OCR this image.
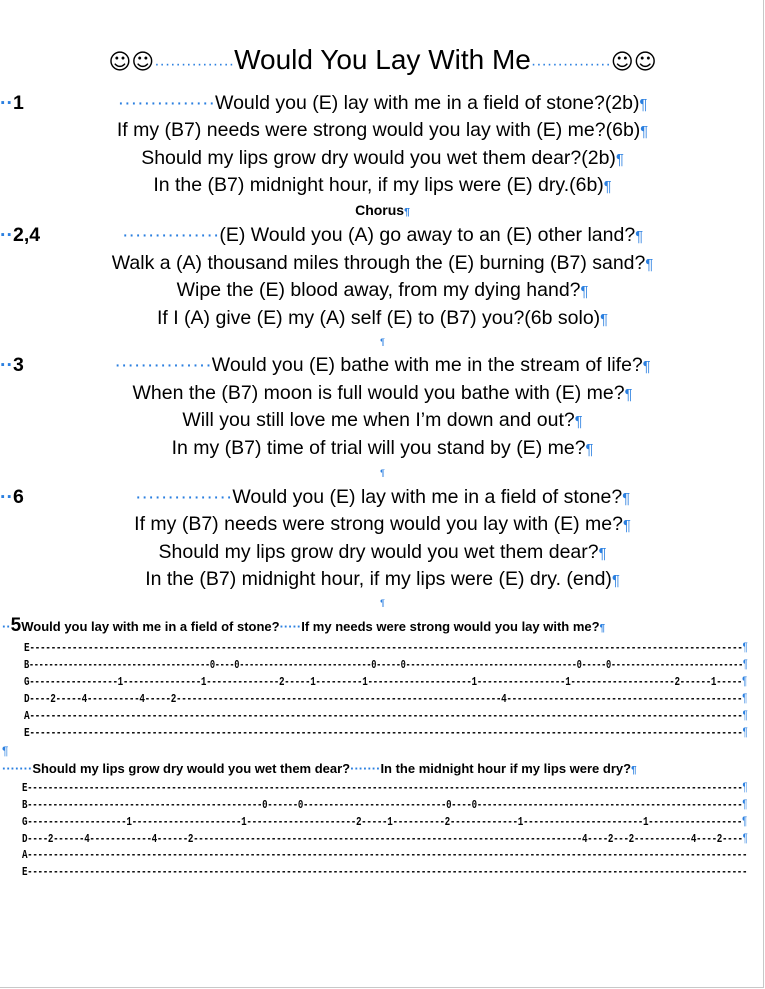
☺☺···············Would You Lay With Me···············☺☺
··1	···············Would you (E) lay with me in a field of stone?(2b)¶
If my (B7) needs were strong would you lay with (E) me?(6b)¶
Should my lips grow dry would you wet them dear?(2b)¶
In the (B7) midnight hour, if my lips were (E) dry.(6b)¶
Chorus¶
··2,4	···············(E) Would you (A) go away to an (E) other land?¶
Walk a (A) thousand miles through the (E) burning (B7) sand?¶
Wipe the (E) blood away, from my dying hand?¶
If I (A) give (E) my (A) self (E) to (B7) you?(6b solo)¶
¶
··3	···············Would you (E) bathe with me in the stream of life?¶
When the (B7) moon is full would you bathe with (E) me?¶
Will you still love me when I’m down and out?¶
In my (B7) time of trial will you stand by (E) me?¶
¶
··6	···············Would you (E) lay with me in a field of stone?¶
If my (B7) needs were strong would you lay with (E) me?¶
Should my lips grow dry would you wet them dear?¶
In the (B7) midnight hour, if my lips were (E) dry. (end)¶
¶
··5Would you lay with me in a field of stone?·····If my needs were strong would you lay with me?¶
E--------------------------------------------------------------------------------------------------------------------------------------¶
B-------------------------------------0----0---------------------------0-----0-----------------------------------0-----0---------------------------¶
G-----------------1---------------1--------------2-----1---------1--------------------1-----------------1--------------------2------1-----¶
D----2-----4----------4-----2--------------------------------------------------------------4---------------------------------------------¶
A--------------------------------------------------------------------------------------------------------------------------------------¶
E--------------------------------------------------------------------------------------------------------------------------------------¶
¶
·······Should my lips grow dry would you wet them dear?·······In the midnight hour if my lips were dry?¶
E-------------------------------------------------------------------------------------------------------------------------------------------¶
B----------------------------------------------0------0----------------------------0----0----------------------------------------------------¶
G-------------------1---------------------1---------------------2-----1----------2-------------1-----------------------1------------------¶
D----2------4------------4------2---------------------------------------------------------------------------4----2---2-----------4----2----¶
A-------------------------------------------------------------------------------------------------------------------------------------------
E-------------------------------------------------------------------------------------------------------------------------------------------
